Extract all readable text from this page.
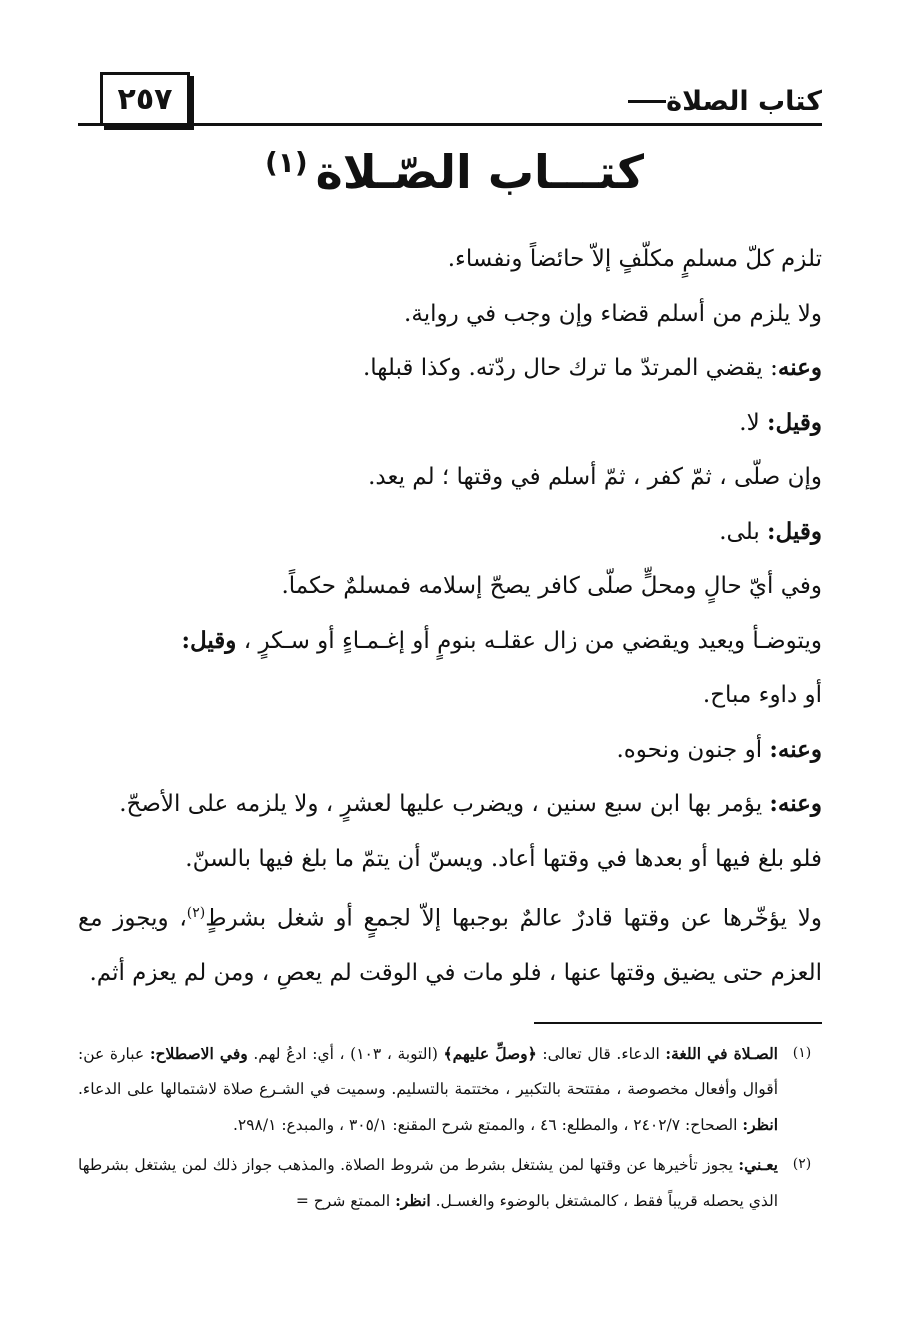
٢٥٧	كتاب الصلاة
كتـــاب الصّـلاة$^{(١)}$

تلزم كلّ مسلمٍ مكلّفٍ إلاّ حائضاً ونفساء.

ولا يلزم من أسلم قضاء وإن وجب في رواية.

وعنه: يقضي المرتدّ ما ترك حال ردّته. وكذا قبلها.

وقيل: لا.

وإن صلّى ، ثمّ كفر ، ثمّ أسلم في وقتها ؛ لم يعد.

وقيل: بلى.

وفي أيّ حالٍ ومحلٍّ صلّى كافر يصحّ إسلامه فمسلمٌ حكماً.

ويتوضـأ ويعيد ويقضي من زال عقلـه بنومٍ أو إغـمـاءٍ أو سـكرٍ ، وقيل:

أو داوء مباح.

وعنه: أو جنون ونحوه.

وعنه: يؤمر بها ابن سبع سنين ، ويضرب عليها لعشرٍ ، ولا يلزمه على الأصحّ.

فلو بلغ فيها أو بعدها في وقتها أعاد. ويسنّ أن يتمّ ما بلغ فيها بالسنّ.

ولا يؤخّرها عن وقتها قادرٌ عالمٌ بوجبها إلاّ لجمعٍ أو شغل بشرطٍ$^{(٢)}$، ويجوز مع العزم حتى يضيق وقتها عنها ، فلو مات في الوقت لم يعصِ ، ومن لم يعزم أثم.

(١)
الصـلاة في اللغة: الدعاء. قال تعالى: ﴿وصلِّ عليهم﴾ (التوبة ، ١٠٣) ، أي: ادعُ لهم. وفي الاصطلاح: عبارة عن: أقوال وأفعال مخصوصة ، مفتتحة بالتكبير ، مختتمة بالتسليم. وسميت في الشـرع صلاة لاشتمالها على الدعاء. انظر: الصحاح: ٢٤٠٢/٧ ، والمطلع: ٤٦ ، والممتع شرح المقنع: ٣٠٥/١ ، والمبدع: ٢٩٨/١.
(٢)
يعـني: يجوز تأخيرها عن وقتها لمن يشتغل بشرط من شروط الصلاة. والمذهب جواز ذلك لمن يشتغل بشرطها الذي يحصله قريباً فقط ، كالمشتغل بالوضوء والغسـل. انظر: الممتع شرح =
